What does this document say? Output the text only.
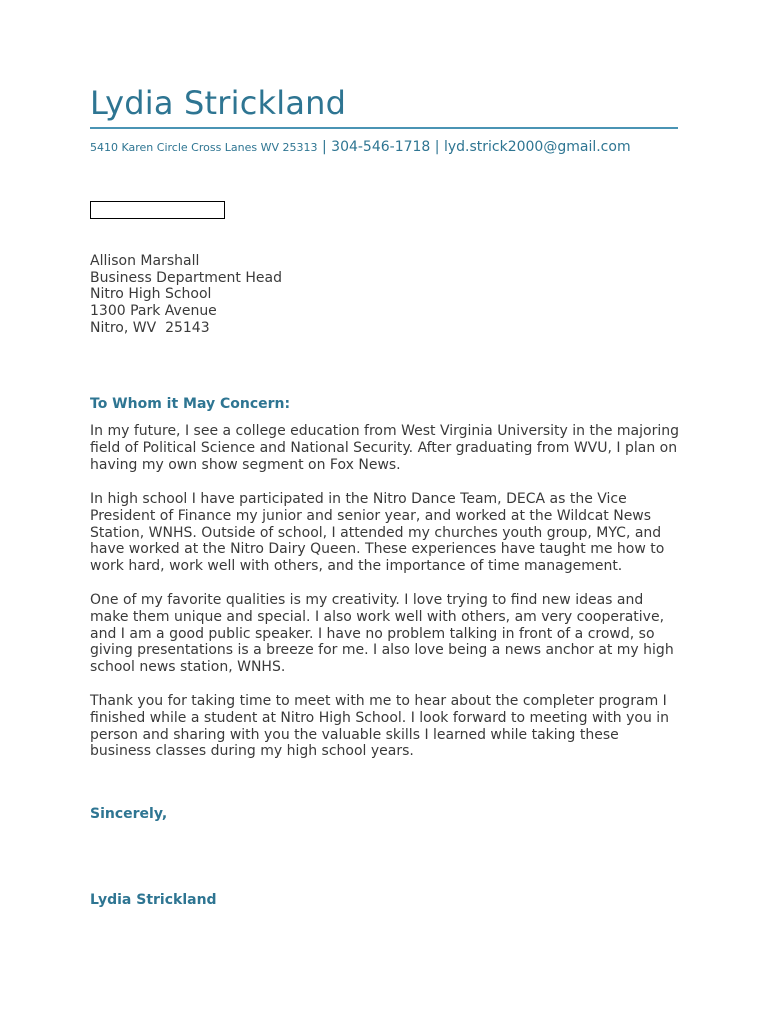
Lydia Strickland
5410 Karen Circle Cross Lanes WV 25313 | 304-546-1718 | lyd.strick2000@gmail.com
Allison Marshall
Business Department Head
Nitro High School
1300 Park Avenue
Nitro, WV  25143
To Whom it May Concern:

In my future, I see a college education from West Virginia University in the majoring field of Political Science and National Security. After graduating from WVU, I plan on having my own show segment on Fox News.

In high school I have participated in the Nitro Dance Team, DECA as the Vice President of Finance my junior and senior year, and worked at the Wildcat News Station, WNHS. Outside of school, I attended my churches youth group, MYC, and have worked at the Nitro Dairy Queen. These experiences have taught me how to work hard, work well with others, and the importance of time management.

One of my favorite qualities is my creativity. I love trying to find new ideas and make them unique and special. I also work well with others, am very cooperative, and I am a good public speaker. I have no problem talking in front of a crowd, so giving presentations is a breeze for me. I also love being a news anchor at my high school news station, WNHS.

Thank you for taking time to meet with me to hear about the completer program I finished while a student at Nitro High School. I look forward to meeting with you in person and sharing with you the valuable skills I learned while taking these business classes during my high school years.

Sincerely,
Lydia Strickland
